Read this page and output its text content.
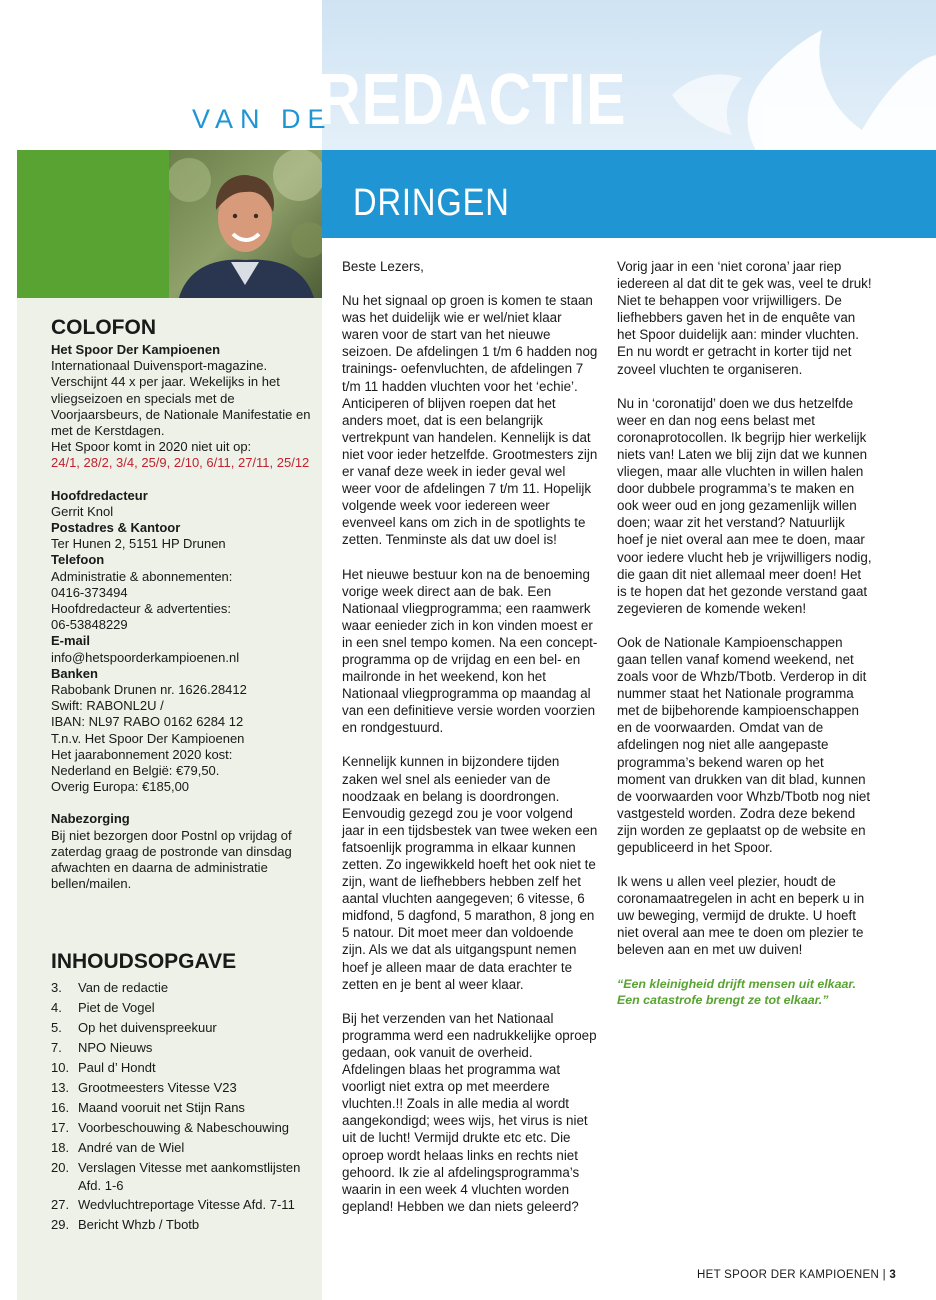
VAN DE
REDACTIE
DRINGEN
COLOFON

Het Spoor Der Kampioenen

Internationaal Duivensport-magazine. Verschijnt 44 x per jaar. Wekelijks in het vliegseizoen en specials met de Voorjaarsbeurs, de Nationale Manifestatie en met de Kerstdagen.

Het Spoor komt in 2020 niet uit op:

24/1, 28/2, 3/4, 25/9, 2/10, 6/11, 27/11, 25/12

Hoofdredacteur

Gerrit Knol

Postadres & Kantoor

Ter Hunen 2, 5151 HP Drunen

Telefoon

Administratie & abonnementen:

0416-373494

Hoofdredacteur & advertenties:

06-53848229

E-mail

info@hetspoorderkampioenen.nl

Banken

Rabobank Drunen nr. 1626.28412

Swift: RABONL2U /

IBAN: NL97 RABO 0162 6284 12

T.n.v. Het Spoor Der Kampioenen

Het jaarabonnement 2020 kost:

Nederland en België: €79,50.

Overig Europa: €185,00

Nabezorging

Bij niet bezorgen door Postnl op vrijdag of zaterdag graag de postronde van dinsdag afwachten en daarna de administratie bellen/mailen.

INHOUDSOPGAVE
3.	Van de redactie
4.	Piet de Vogel
5.	Op het duivenspreekuur
7.	NPO Nieuws
10. Paul d’ Hondt
13. Grootmeesters Vitesse V23
16. Maand vooruit net Stijn Rans
17. Voorbeschouwing & Nabeschouwing
18. André van de Wiel
20. Verslagen Vitesse met aankomstlijsten Afd. 1-6
27. Wedvluchtreportage Vitesse Afd. 7-11
29. Bericht Whzb / Tbotb

Beste Lezers,

Nu het signaal op groen is komen te staan was het duidelijk wie er wel/niet klaar waren voor de start van het nieuwe seizoen. De afdelingen 1 t/m 6 hadden nog trainings- oefenvluchten, de afdelingen 7 t/m 11 hadden vluchten voor het ‘echie’. Anticiperen of blijven roepen dat het anders moet, dat is een belangrijk vertrekpunt van handelen. Kennelijk is dat niet voor ieder hetzelfde. Grootmesters zijn er vanaf deze week in ieder geval wel weer voor de afdelingen 7 t/m 11. Hopelijk volgende week voor iedereen weer evenveel kans om zich in de spotlights te zetten. Tenminste als dat uw doel is!

Het nieuwe bestuur kon na de benoeming vorige week direct aan de bak. Een Nationaal vliegprogramma; een raamwerk waar eenieder zich in kon vinden moest er in een snel tempo komen. Na een concept-programma op de vrijdag en een bel- en mailronde in het weekend, kon het Nationaal vliegprogramma op maandag al van een definitieve versie worden voorzien en rondgestuurd.

Kennelijk kunnen in bijzondere tijden zaken wel snel als eenieder van de noodzaak en belang is doordrongen. Eenvoudig gezegd zou je voor volgend jaar in een tijdsbestek van twee weken een fatsoenlijk programma in elkaar kunnen zetten. Zo ingewikkeld hoeft het ook niet te zijn, want de liefhebbers hebben zelf het aantal vluchten aangegeven; 6 vitesse, 6 midfond, 5 dagfond, 5 marathon, 8 jong en 5 natour. Dit moet meer dan voldoende zijn. Als we dat als uitgangspunt nemen hoef je alleen maar de data erachter te zetten en je bent al weer klaar.

Bij het verzenden van het Nationaal programma werd een nadrukkelijke oproep gedaan, ook vanuit de overheid. Afdelingen blaas het programma wat voorligt niet extra op met meerdere vluchten.!! Zoals in alle media al wordt aangekondigd; wees wijs, het virus is niet uit de lucht! Vermijd drukte etc etc. Die oproep wordt helaas links en rechts niet gehoord. Ik zie al afdelingsprogramma’s waarin in een week 4 vluchten worden gepland! Hebben we dan niets geleerd?

Vorig jaar in een ‘niet corona’ jaar riep iedereen al dat dit te gek was, veel te druk! Niet te behappen voor vrijwilligers. De liefhebbers gaven het in de enquête van het Spoor duidelijk aan: minder vluchten. En nu wordt er getracht in korter tijd net zoveel vluchten te organiseren.

Nu in ‘coronatijd’ doen we dus hetzelfde weer en dan nog eens belast met coronaprotocollen. Ik begrijp hier werkelijk niets van! Laten we blij zijn dat we kunnen vliegen, maar alle vluchten in willen halen door dubbele programma’s te maken en ook weer oud en jong gezamenlijk willen doen; waar zit het verstand? Natuurlijk hoef je niet overal aan mee te doen, maar voor iedere vlucht heb je vrijwilligers nodig, die gaan dit niet allemaal meer doen! Het is te hopen dat het gezonde verstand gaat zegevieren de komende weken!

Ook de Nationale Kampioenschappen gaan tellen vanaf komend weekend, net zoals voor de Whzb/Tbotb. Verderop in dit nummer staat het Nationale programma met de bijbehorende kampioenschappen en de voorwaarden. Omdat van de afdelingen nog niet alle aangepaste programma’s bekend waren op het moment van drukken van dit blad, kunnen de voorwaarden voor Whzb/Tbotb nog niet vastgesteld worden. Zodra deze bekend zijn worden ze geplaatst op de website en gepubliceerd in het Spoor.

Ik wens u allen veel plezier, houdt de coronamaatregelen in acht en beperk u in uw beweging, vermijd de drukte. U hoeft niet overal aan mee te doen om plezier te beleven aan en met uw duiven!

“Een kleinigheid drijft mensen uit elkaar. Een catastrofe brengt ze tot elkaar.”

HET SPOOR DER KAMPIOENEN | 3
